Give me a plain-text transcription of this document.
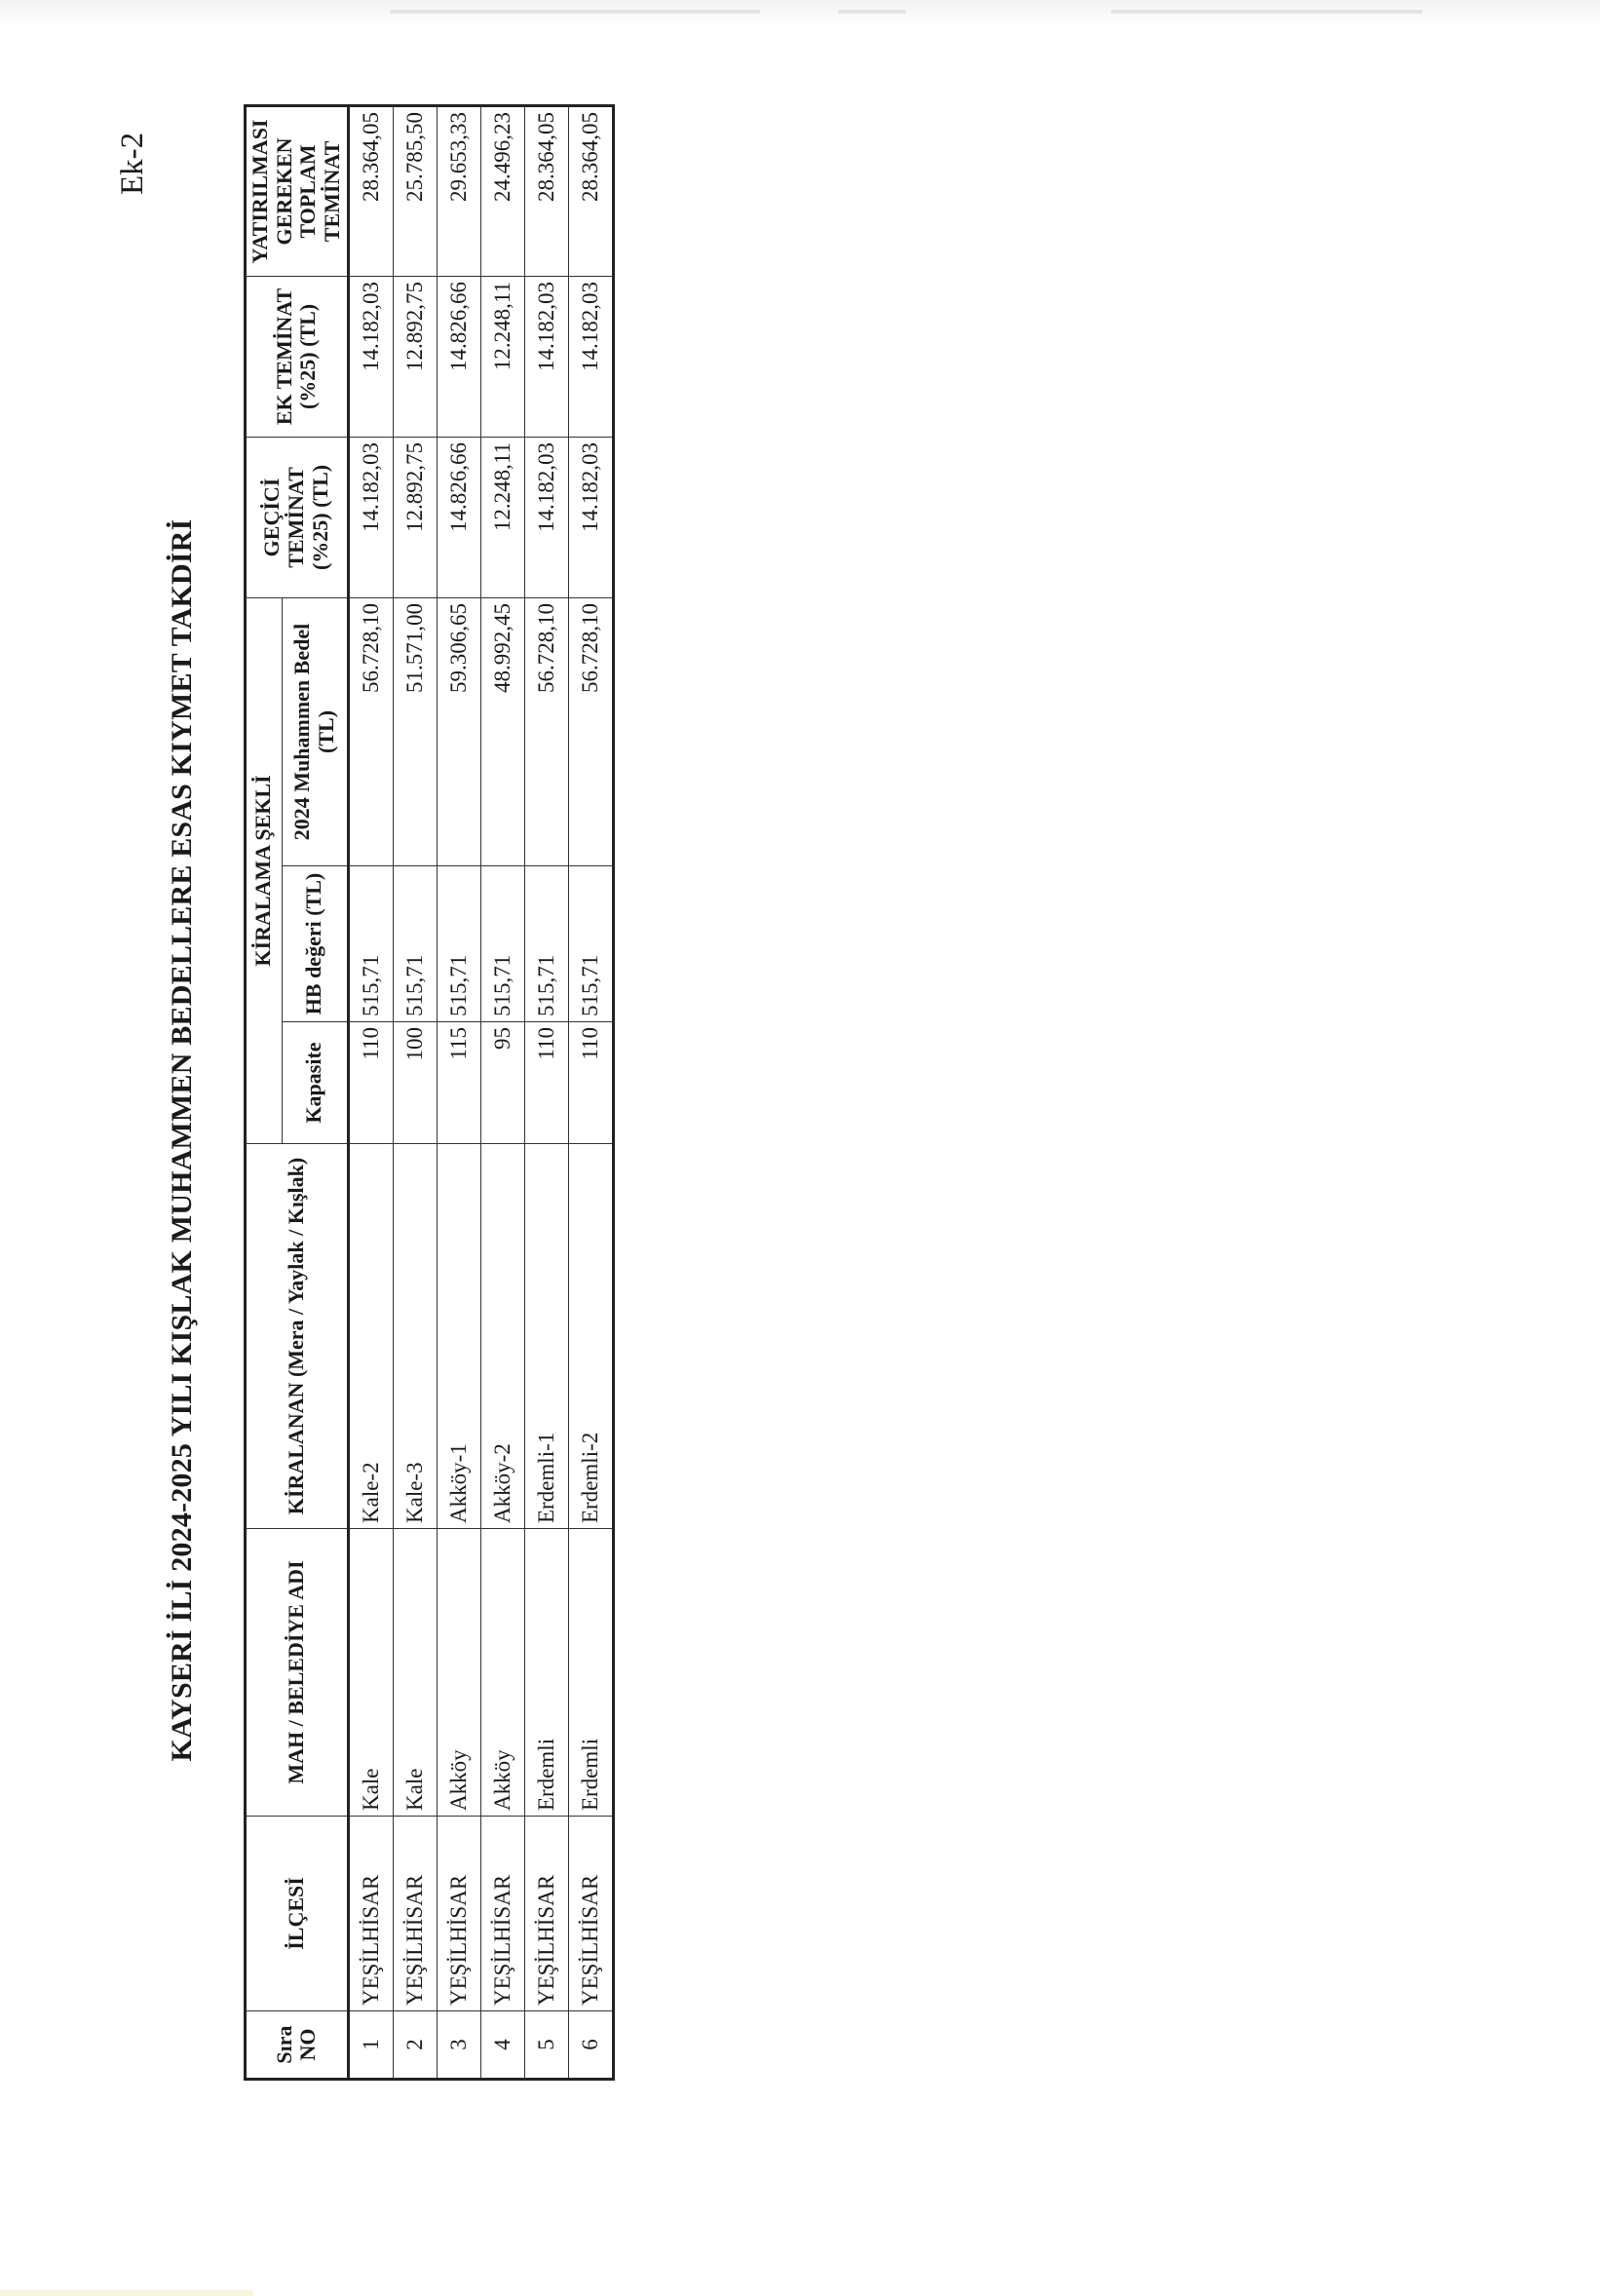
Ek-2
KAYSERİ İLİ 2024-2025 YILI KIŞLAK MUHAMMEN BEDELLERE ESAS KIYMET TAKDİRİ
Sıra NO	İLÇESİ	MAH / BELEDİYE ADI	KİRALANAN (Mera / Yaylak / Kışlak)	KİRALAMA ŞEKLİ			GEÇİCİ TEMİNAT (%25) (TL)	EK TEMİNAT (%25) (TL)	YATIRILMASI GEREKEN TOPLAM TEMİNAT
				Kapasite	HB değeri (TL)	2024 Muhammen Bedel (TL)			
1	YEŞİLHİSAR	Kale	Kale-2	110	515,71	56.728,10	14.182,03	14.182,03	28.364,05
2	YEŞİLHİSAR	Kale	Kale-3	100	515,71	51.571,00	12.892,75	12.892,75	25.785,50
3	YEŞİLHİSAR	Akköy	Akköy-1	115	515,71	59.306,65	14.826,66	14.826,66	29.653,33
4	YEŞİLHİSAR	Akköy	Akköy-2	95	515,71	48.992,45	12.248,11	12.248,11	24.496,23
5	YEŞİLHİSAR	Erdemli	Erdemli-1	110	515,71	56.728,10	14.182,03	14.182,03	28.364,05
6	YEŞİLHİSAR	Erdemli	Erdemli-2	110	515,71	56.728,10	14.182,03	14.182,03	28.364,05
